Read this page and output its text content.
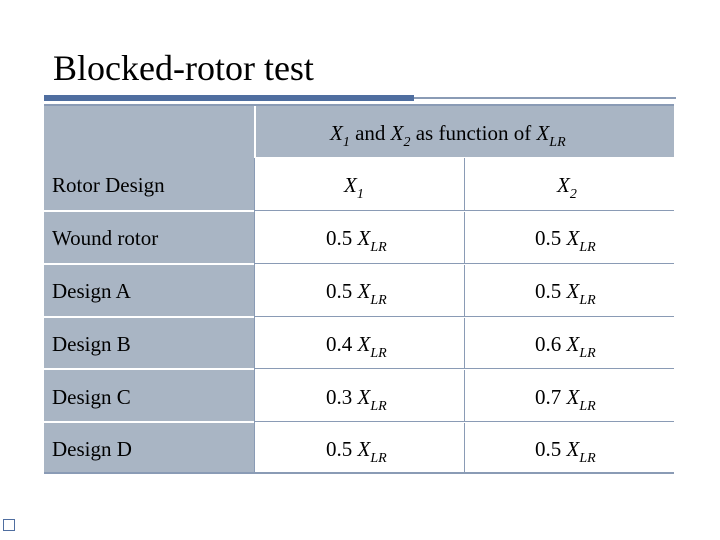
Blocked-rotor test
$X_1$ and $X_2$ as function of $X_{LR}$
Rotor Design	$X_1$	$X_2$
Wound rotor	0.5 $X_{LR}$	0.5 $X_{LR}$
Design A	0.5 $X_{LR}$	0.5 $X_{LR}$
Design B	0.4 $X_{LR}$	0.6 $X_{LR}$
Design C	0.3 $X_{LR}$	0.7 $X_{LR}$
Design D	0.5 $X_{LR}$	0.5 $X_{LR}$
